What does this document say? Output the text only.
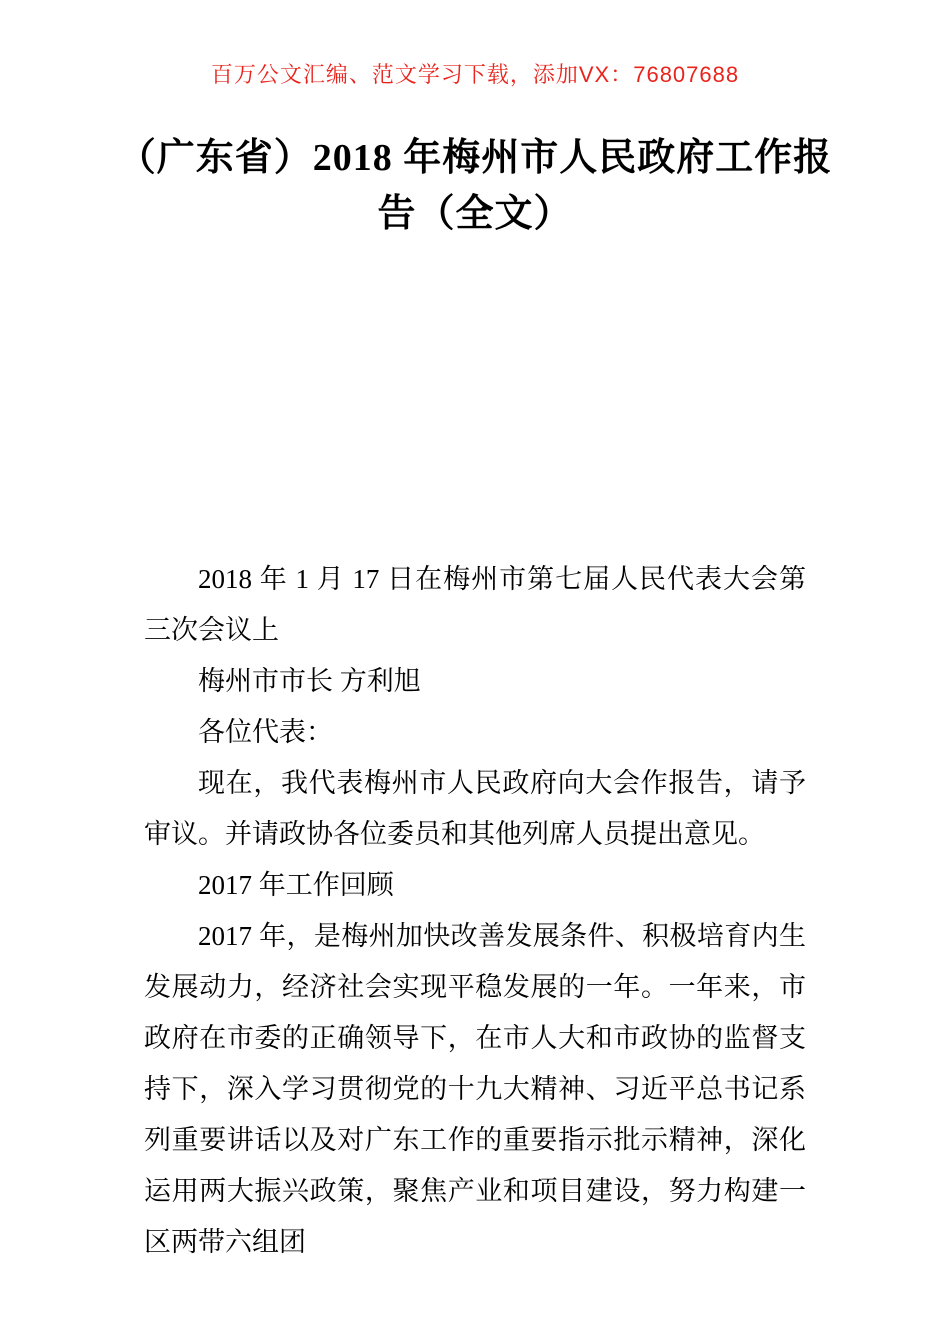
百万公文汇编、范文学习下载，添加VX：76807688
（广东省）2018 年梅州市人民政府工作报
告（全文）

2018 年 1 月 17 日在梅州市第七届人民代表大会第三次会议上

梅州市市长 方利旭

各位代表：

现在，我代表梅州市人民政府向大会作报告，请予审议。并请政协各位委员和其他列席人员提出意见。

2017 年工作回顾

2017 年，是梅州加快改善发展条件、积极培育内生发展动力，经济社会实现平稳发展的一年。一年来，市政府在市委的正确领导下，在市人大和市政协的监督支持下，深入学习贯彻党的十九大精神、习近平总书记系列重要讲话以及对广东工作的重要指示批示精神，深化运用两大振兴政策，聚焦产业和项目建设，努力构建一区两带六组团
